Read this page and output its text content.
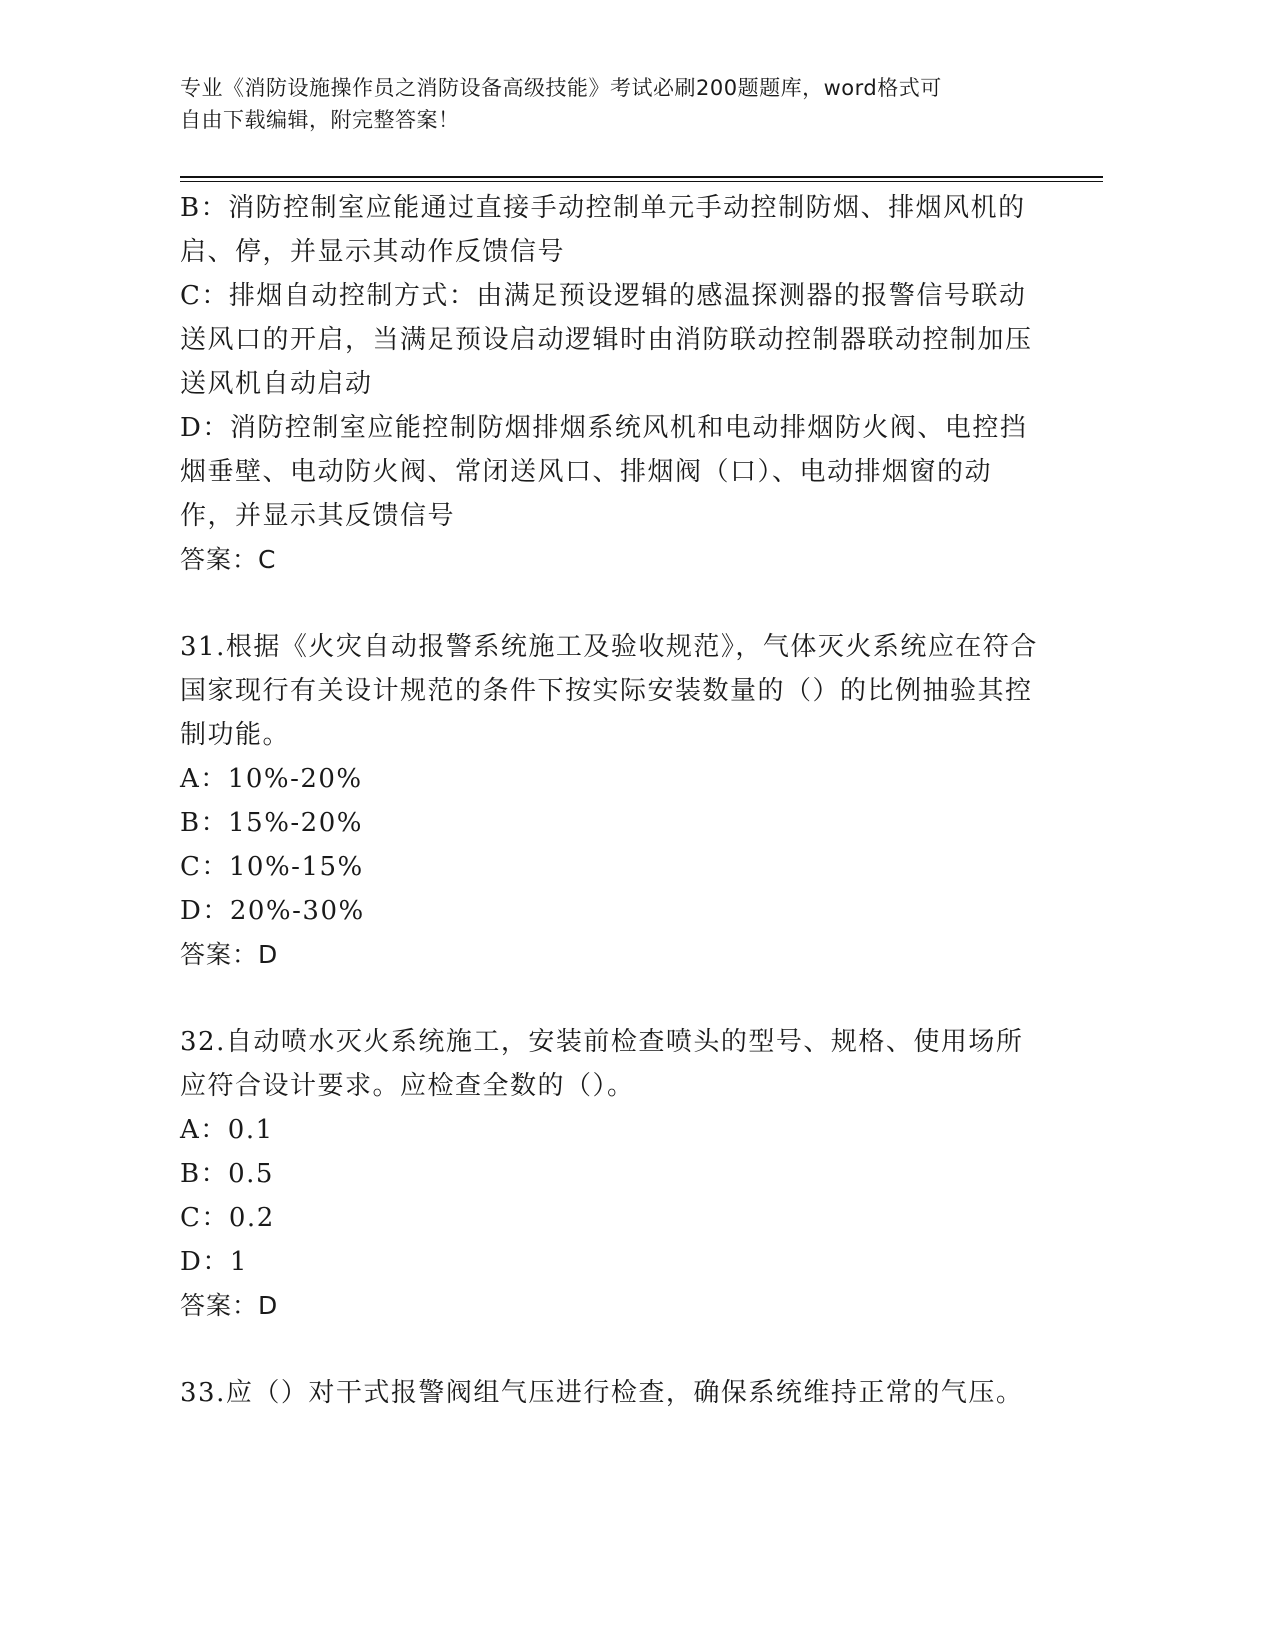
专业《消防设施操作员之消防设备高级技能》考试必刷200题题库，word格式可
自由下载编辑，附完整答案！

B：消防控制室应能通过直接手动控制单元手动控制防烟、排烟风机的启、停，并显示其动作反馈信号

C：排烟自动控制方式：由满足预设逻辑的感温探测器的报警信号联动送风口的开启，当满足预设启动逻辑时由消防联动控制器联动控制加压送风机自动启动

D：消防控制室应能控制防烟排烟系统风机和电动排烟防火阀、电控挡烟垂壁、电动防火阀、常闭送风口、排烟阀（口）、电动排烟窗的动作，并显示其反馈信号

答案：C

31.根据《火灾自动报警系统施工及验收规范》，气体灭火系统应在符合国家现行有关设计规范的条件下按实际安装数量的（）的比例抽验其控制功能。

A：10%-20%

B：15%-20%

C：10%-15%

D：20%-30%

答案：D

32.自动喷水灭火系统施工，安装前检查喷头的型号、规格、使用场所应符合设计要求。应检查全数的（）。

A：0.1

B：0.5

C：0.2

D：1

答案：D

33.应（）对干式报警阀组气压进行检查，确保系统维持正常的气压。
